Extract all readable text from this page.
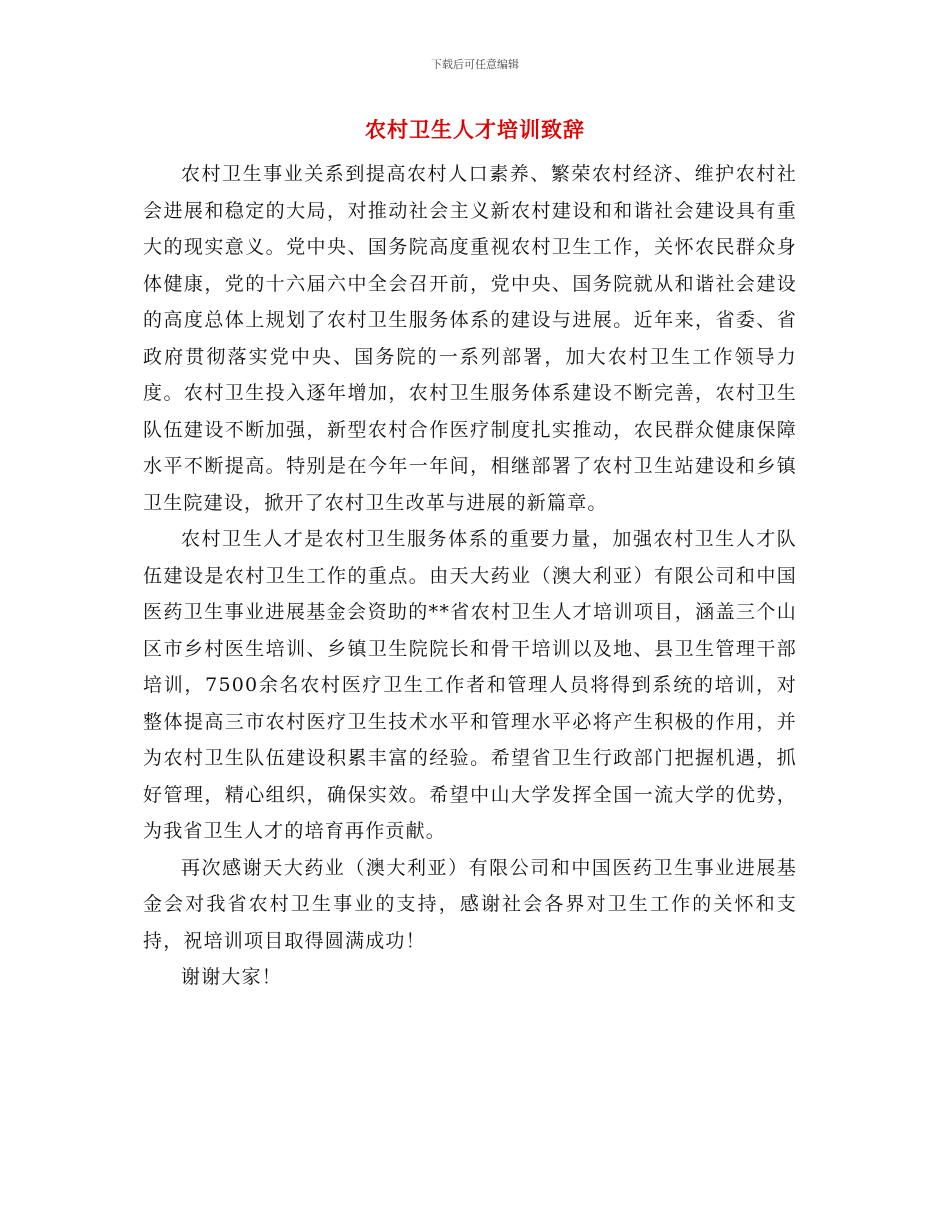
下载后可任意编辑
农村卫生人才培训致辞

农村卫生事业关系到提高农村人口素养、繁荣农村经济、维护农村社会进展和稳定的大局，对推动社会主义新农村建设和和谐社会建设具有重大的现实意义。党中央、国务院高度重视农村卫生工作，关怀农民群众身体健康，党的十六届六中全会召开前，党中央、国务院就从和谐社会建设的高度总体上规划了农村卫生服务体系的建设与进展。近年来，省委、省政府贯彻落实党中央、国务院的一系列部署，加大农村卫生工作领导力度。农村卫生投入逐年增加，农村卫生服务体系建设不断完善，农村卫生队伍建设不断加强，新型农村合作医疗制度扎实推动，农民群众健康保障水平不断提高。特别是在今年一年间，相继部署了农村卫生站建设和乡镇卫生院建设，掀开了农村卫生改革与进展的新篇章。

农村卫生人才是农村卫生服务体系的重要力量，加强农村卫生人才队伍建设是农村卫生工作的重点。由天大药业（澳大利亚）有限公司和中国医药卫生事业进展基金会资助的**省农村卫生人才培训项目，涵盖三个山区市乡村医生培训、乡镇卫生院院长和骨干培训以及地、县卫生管理干部培训，7500余名农村医疗卫生工作者和管理人员将得到系统的培训，对整体提高三市农村医疗卫生技术水平和管理水平必将产生积极的作用，并为农村卫生队伍建设积累丰富的经验。希望省卫生行政部门把握机遇，抓好管理，精心组织，确保实效。希望中山大学发挥全国一流大学的优势，为我省卫生人才的培育再作贡献。

再次感谢天大药业（澳大利亚）有限公司和中国医药卫生事业进展基金会对我省农村卫生事业的支持，感谢社会各界对卫生工作的关怀和支持，祝培训项目取得圆满成功！

谢谢大家！
